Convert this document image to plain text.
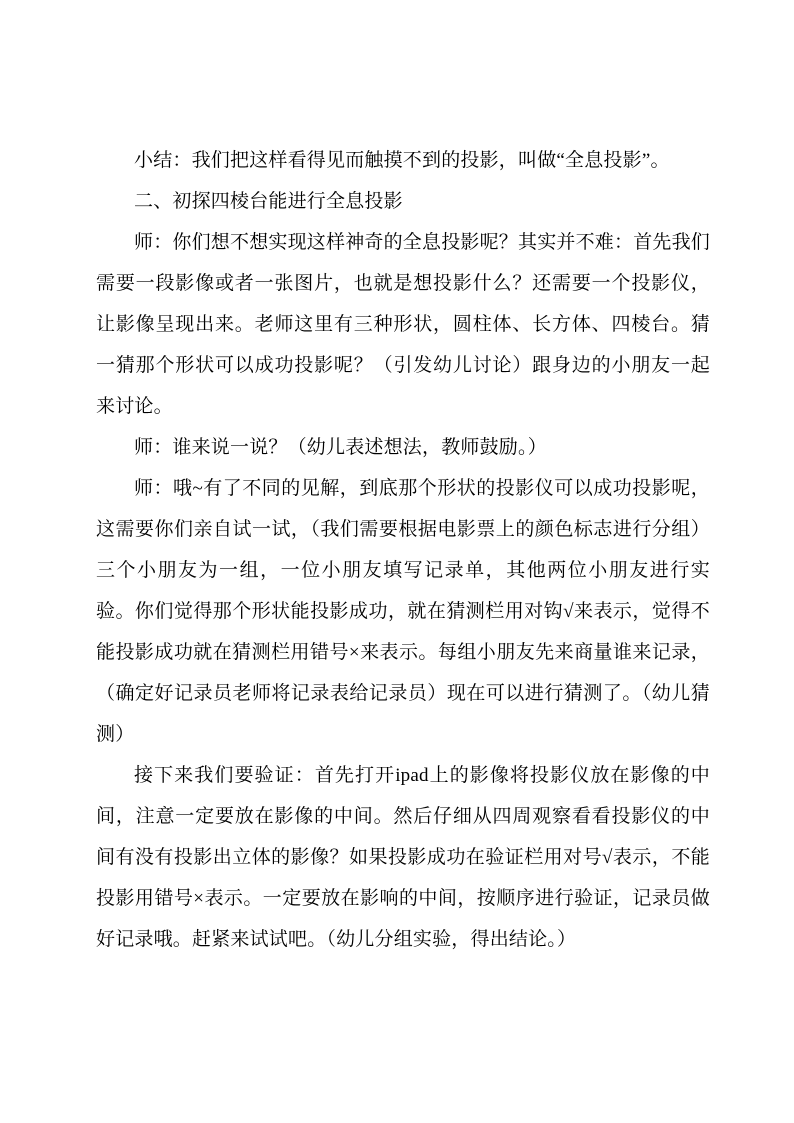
小结：我们把这样看得见而触摸不到的投影，叫做“全息投影”。

二、初探四棱台能进行全息投影

师：你们想不想实现这样神奇的全息投影呢？其实并不难：首先我们需要一段影像或者一张图片，也就是想投影什么？还需要一个投影仪，让影像呈现出来。老师这里有三种形状，圆柱体、长方体、四棱台。猜一猜那个形状可以成功投影呢？（引发幼儿讨论）跟身边的小朋友一起来讨论。

师：谁来说一说？（幼儿表述想法，教师鼓励。）

师：哦~有了不同的见解，到底那个形状的投影仪可以成功投影呢，这需要你们亲自试一试，（我们需要根据电影票上的颜色标志进行分组）三个小朋友为一组，一位小朋友填写记录单，其他两位小朋友进行实验。你们觉得那个形状能投影成功，就在猜测栏用对钩√来表示，觉得不能投影成功就在猜测栏用错号×来表示。每组小朋友先来商量谁来记录，（确定好记录员老师将记录表给记录员）现在可以进行猜测了。（幼儿猜测）

接下来我们要验证：首先打开ipad上的影像将投影仪放在影像的中间，注意一定要放在影像的中间。然后仔细从四周观察看看投影仪的中间有没有投影出立体的影像？如果投影成功在验证栏用对号√表示，不能投影用错号×表示。一定要放在影响的中间，按顺序进行验证，记录员做好记录哦。赶紧来试试吧。（幼儿分组实验，得出结论。）
